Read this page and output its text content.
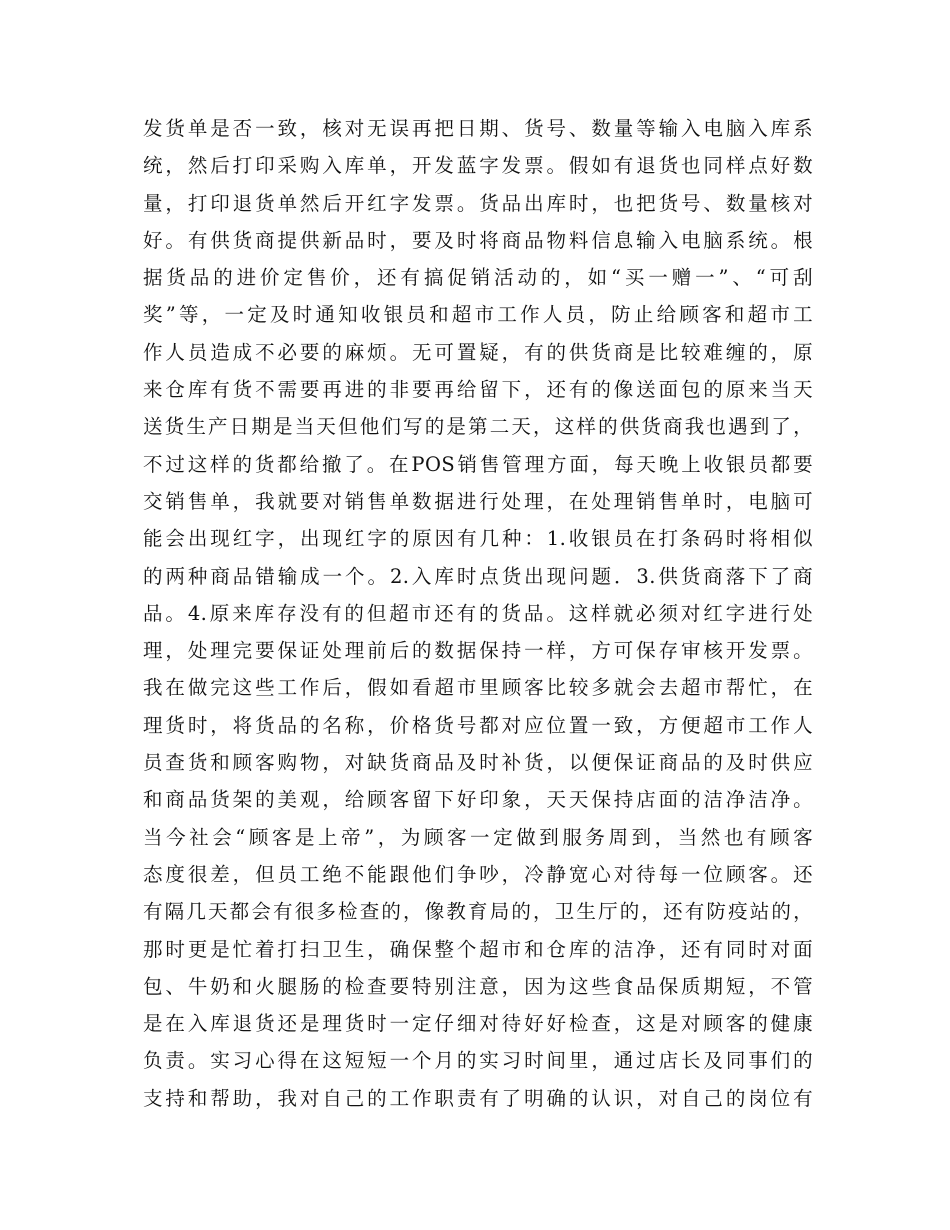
发货单是否一致，核对无误再把日期、货号、数量等输入电脑入库系
统，然后打印采购入库单，开发蓝字发票。假如有退货也同样点好数
量，打印退货单然后开红字发票。货品出库时，也把货号、数量核对
好。有供货商提供新品时，要及时将商品物料信息输入电脑系统。根
据货品的进价定售价，还有搞促销活动的，如“买一赠一”、“可刮
奖”等，一定及时通知收银员和超市工作人员，防止给顾客和超市工
作人员造成不必要的麻烦。无可置疑，有的供货商是比较难缠的，原
来仓库有货不需要再进的非要再给留下，还有的像送面包的原来当天
送货生产日期是当天但他们写的是第二天，这样的供货商我也遇到了，
不过这样的货都给撤了。在POS销售管理方面，每天晚上收银员都要
交销售单，我就要对销售单数据进行处理，在处理销售单时，电脑可
能会出现红字，出现红字的原因有几种：1.收银员在打条码时将相似
的两种商品错输成一个。2.入库时点货出现问题．3.供货商落下了商
品。4.原来库存没有的但超市还有的货品。这样就必须对红字进行处
理，处理完要保证处理前后的数据保持一样，方可保存审核开发票。
我在做完这些工作后，假如看超市里顾客比较多就会去超市帮忙，在
理货时，将货品的名称，价格货号都对应位置一致，方便超市工作人
员查货和顾客购物，对缺货商品及时补货，以便保证商品的及时供应
和商品货架的美观，给顾客留下好印象，天天保持店面的洁净洁净。
当今社会“顾客是上帝”，为顾客一定做到服务周到，当然也有顾客
态度很差，但员工绝不能跟他们争吵，冷静宽心对待每一位顾客。还
有隔几天都会有很多检查的，像教育局的，卫生厅的，还有防疫站的，
那时更是忙着打扫卫生，确保整个超市和仓库的洁净，还有同时对面
包、牛奶和火腿肠的检查要特别注意，因为这些食品保质期短，不管
是在入库退货还是理货时一定仔细对待好好检查，这是对顾客的健康
负责。实习心得在这短短一个月的实习时间里，通过店长及同事们的
支持和帮助，我对自己的工作职责有了明确的认识，对自己的岗位有
